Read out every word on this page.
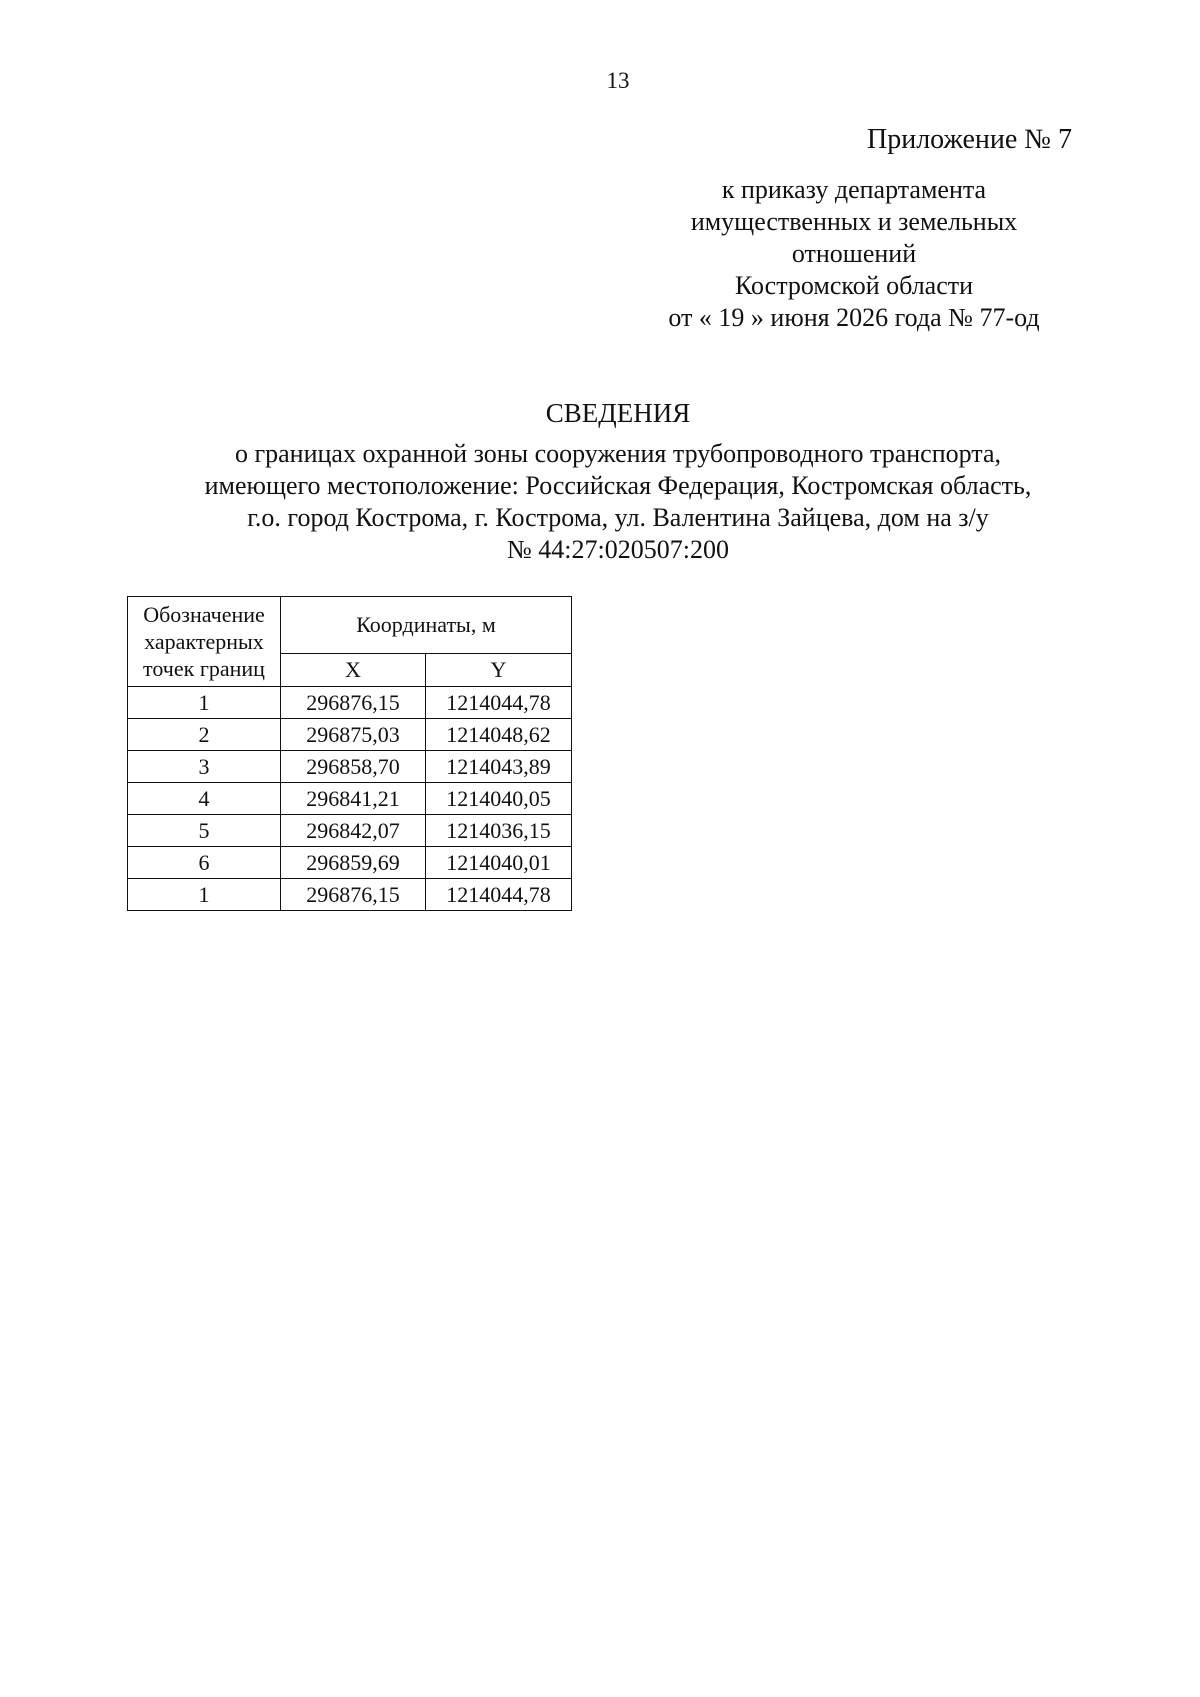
13
Приложение № 7
к приказу департамента
имущественных и земельных
отношений
Костромской области
от « 19 » июня 2026 года № 77-од
СВЕДЕНИЯ
о границах охранной зоны сооружения трубопроводного транспорта,
имеющего местоположение: Российская Федерация, Костромская область,
г.о. город Кострома, г. Кострома, ул. Валентина Зайцева, дом на з/у
№ 44:27:020507:200
Обозначение характерных точек границ	Координаты, м	
	X	Y
1	296876,15	1214044,78
2	296875,03	1214048,62
3	296858,70	1214043,89
4	296841,21	1214040,05
5	296842,07	1214036,15
6	296859,69	1214040,01
1	296876,15	1214044,78
